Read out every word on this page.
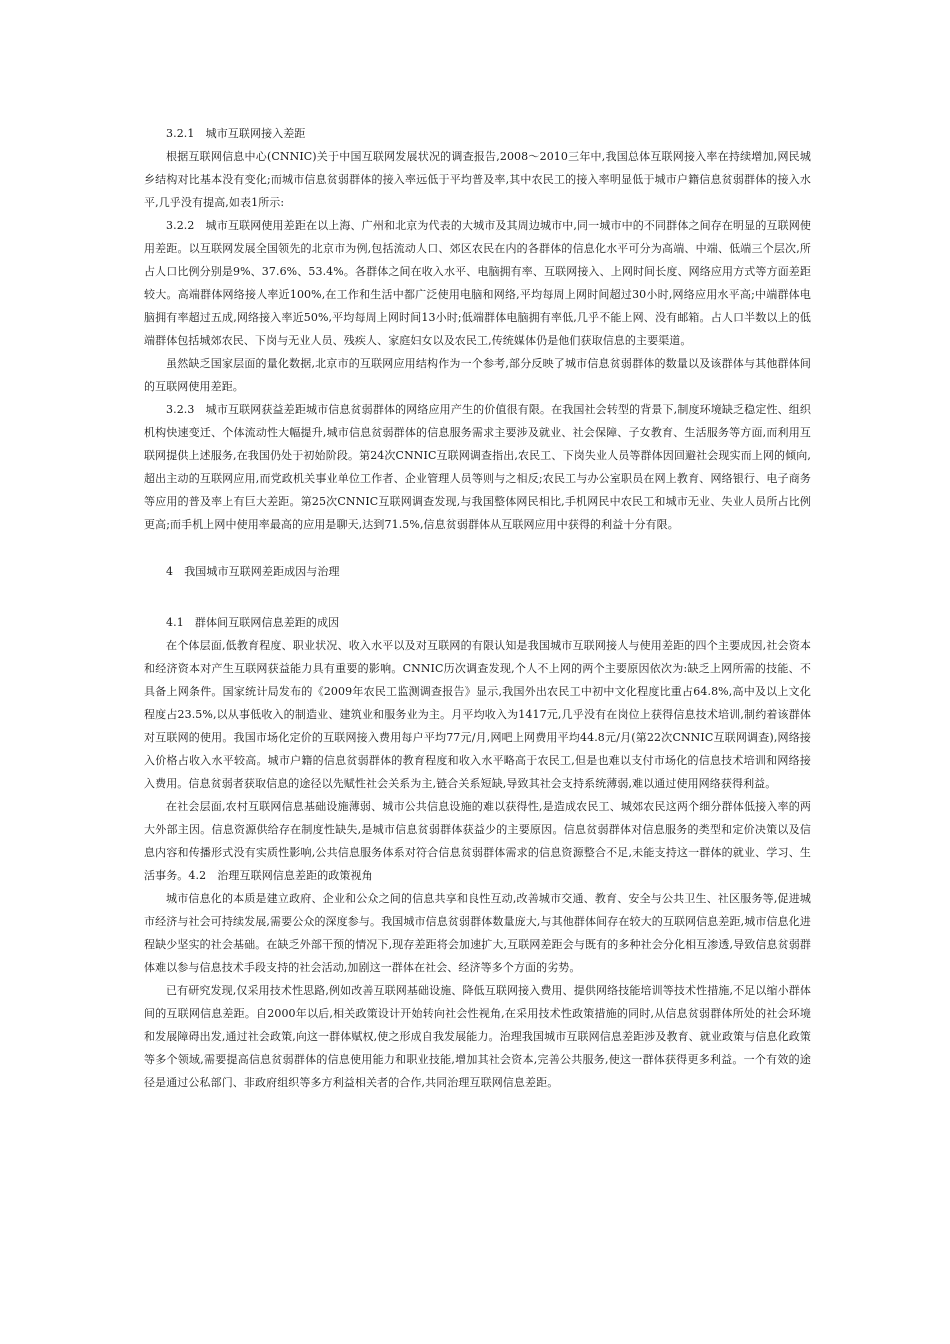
3.2.1　城市互联网接入差距

根据互联网信息中心(CNNIC)关于中国互联网发展状况的调查报告,2008～2010三年中,我国总体互联网接入率在持续增加,网民城乡结构对比基本没有变化;而城市信息贫弱群体的接入率远低于平均普及率,其中农民工的接入率明显低于城市户籍信息贫弱群体的接入水平,几乎没有提高,如表1所示:

3.2.2　城市互联网使用差距在以上海、广州和北京为代表的大城市及其周边城市中,同一城市中的不同群体之间存在明显的互联网使用差距。以互联网发展全国领先的北京市为例,包括流动人口、郊区农民在内的各群体的信息化水平可分为高端、中端、低端三个层次,所占人口比例分别是9%、37.6%、53.4%。各群体之间在收入水平、电脑拥有率、互联网接入、上网时间长度、网络应用方式等方面差距较大。高端群体网络接人率近100%,在工作和生活中都广泛使用电脑和网络,平均每周上网时间超过30小时,网络应用水平高;中端群体电脑拥有率超过五成,网络接入率近50%,平均每周上网时间13小时;低端群体电脑拥有率低,几乎不能上网、没有邮箱。占人口半数以上的低端群体包括城郊农民、下岗与无业人员、残疾人、家庭妇女以及农民工,传统媒体仍是他们获取信息的主要渠道。

虽然缺乏国家层面的量化数据,北京市的互联网应用结构作为一个参考,部分反映了城市信息贫弱群体的数量以及该群体与其他群体间的互联网使用差距。

3.2.3　城市互联网获益差距城市信息贫弱群体的网络应用产生的价值很有限。在我国社会转型的背景下,制度环境缺乏稳定性、组织机构快速变迁、个体流动性大幅提升,城市信息贫弱群体的信息服务需求主要涉及就业、社会保障、子女教育、生活服务等方面,而利用互联网提供上述服务,在我国仍处于初始阶段。第24次CNNIC互联网调查指出,农民工、下岗失业人员等群体因回避社会现实而上网的倾向,超出主动的互联网应用,而党政机关事业单位工作者、企业管理人员等则与之相反;农民工与办公室职员在网上教育、网络银行、电子商务等应用的普及率上有巨大差距。第25次CNNIC互联网调查发现,与我国整体网民相比,手机网民中农民工和城市无业、失业人员所占比例更高;而手机上网中使用率最高的应用是聊天,达到71.5%,信息贫弱群体从互联网应用中获得的利益十分有限。

4　我国城市互联网差距成因与治理

4.1　群体间互联网信息差距的成因

在个体层面,低教育程度、职业状况、收入水平以及对互联网的有限认知是我国城市互联网接人与使用差距的四个主要成因,社会资本和经济资本对产生互联网获益能力具有重要的影响。CNNIC历次调查发现,个人不上网的两个主要原因依次为:缺乏上网所需的技能、不具备上网条件。国家统计局发布的《2009年农民工监测调查报告》显示,我国外出农民工中初中文化程度比重占64.8%,高中及以上文化程度占23.5%,以从事低收入的制造业、建筑业和服务业为主。月平均收入为1417元,几乎没有在岗位上获得信息技术培训,制约着该群体对互联网的使用。我国市场化定价的互联网接入费用每户平均77元/月,网吧上网费用平均44.8元/月(第22次CNNIC互联网调查),网络接入价格占收入水平较高。城市户籍的信息贫弱群体的教育程度和收入水平略高于农民工,但是也难以支付市场化的信息技术培训和网络接入费用。信息贫弱者获取信息的途径以先赋性社会关系为主,链合关系短缺,导致其社会支持系统薄弱,难以通过使用网络获得利益。

在社会层面,农村互联网信息基础设施薄弱、城市公共信息设施的难以获得性,是造成农民工、城郊农民这两个细分群体低接入率的两大外部主因。信息资源供给存在制度性缺失,是城市信息贫弱群体获益少的主要原因。信息贫弱群体对信息服务的类型和定价决策以及信息内容和传播形式没有实质性影响,公共信息服务体系对符合信息贫弱群体需求的信息资源整合不足,未能支持这一群体的就业、学习、生活事务。4.2　治理互联网信息差距的政策视角

城市信息化的本质是建立政府、企业和公众之间的信息共享和良性互动,改善城市交通、教育、安全与公共卫生、社区服务等,促进城市经济与社会可持续发展,需要公众的深度参与。我国城市信息贫弱群体数量庞大,与其他群体间存在较大的互联网信息差距,城市信息化进程缺少坚实的社会基础。在缺乏外部干预的情况下,现存差距将会加速扩大,互联网差距会与既有的多种社会分化相互渗透,导致信息贫弱群体难以参与信息技术手段支持的社会活动,加剧这一群体在社会、经济等多个方面的劣势。

已有研究发现,仅采用技术性思路,例如改善互联网基础设施、降低互联网接入费用、提供网络技能培训等技术性措施,不足以缩小群体间的互联网信息差距。自2000年以后,相关政策设计开始转向社会性视角,在采用技术性政策措施的同时,从信息贫弱群体所处的社会环境和发展障碍出发,通过社会政策,向这一群体赋权,使之形成自我发展能力。治理我国城市互联网信息差距涉及教育、就业政策与信息化政策等多个领域,需要提高信息贫弱群体的信息使用能力和职业技能,增加其社会资本,完善公共服务,使这一群体获得更多利益。一个有效的途径是通过公私部门、非政府组织等多方利益相关者的合作,共同治理互联网信息差距。
